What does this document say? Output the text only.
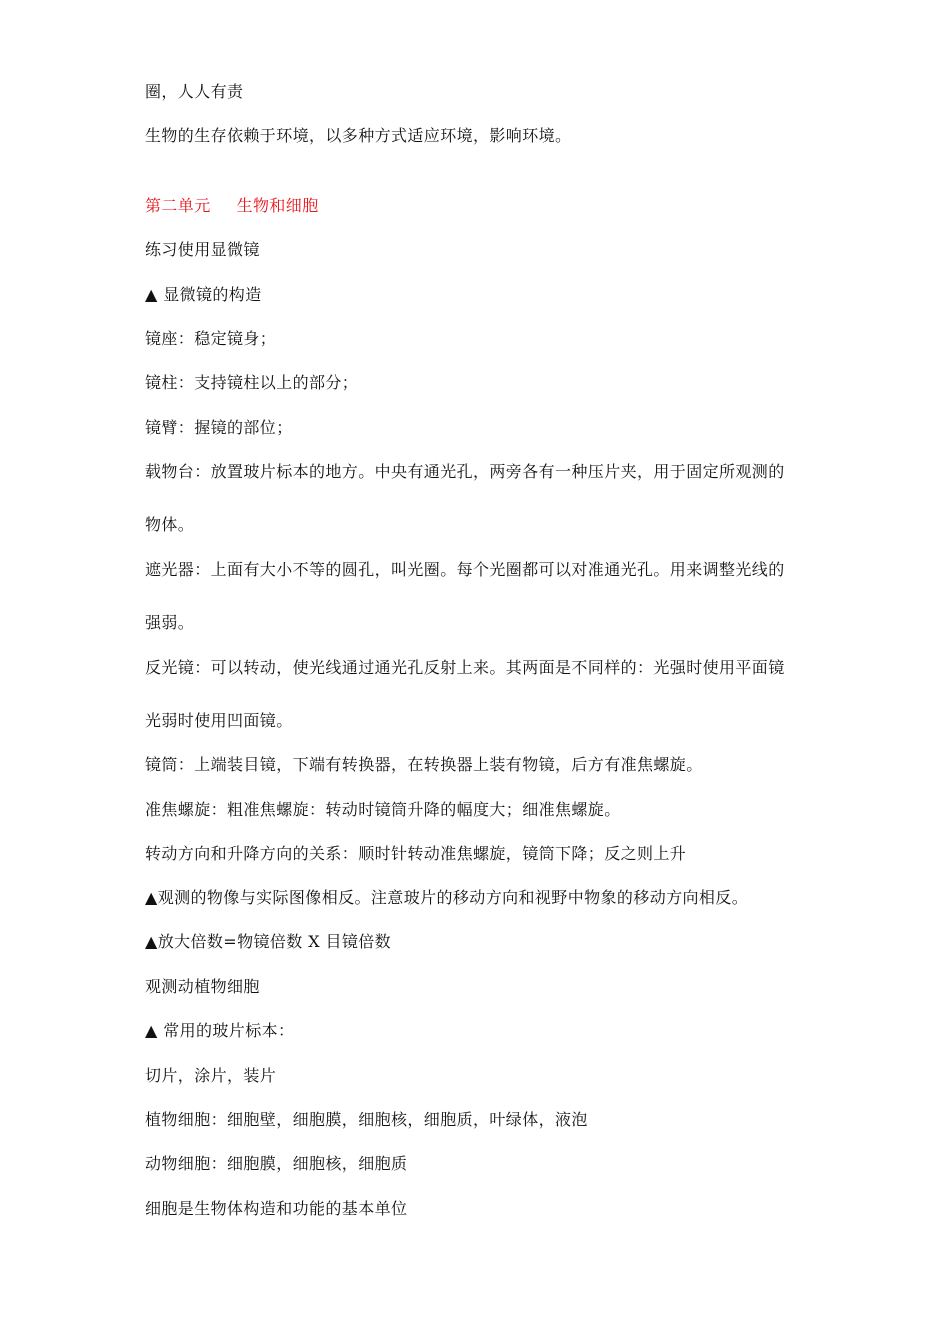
圈，人人有责
生物的生存依赖于环境，以多种方式适应环境，影响环境。
第二单元 生物和细胞
练习使用显微镜
▲ 显微镜的构造
镜座：稳定镜身；
镜柱：支持镜柱以上的部分；
镜臂：握镜的部位；
载物台：放置玻片标本的地方。中央有通光孔，两旁各有一种压片夹，用于固定所观测的
物体。
遮光器：上面有大小不等的圆孔，叫光圈。每个光圈都可以对准通光孔。用来调整光线的
强弱。
反光镜：可以转动，使光线通过通光孔反射上来。其两面是不同样的：光强时使用平面镜
光弱时使用凹面镜。
镜筒：上端装目镜，下端有转换器，在转换器上装有物镜，后方有准焦螺旋。
准焦螺旋：粗准焦螺旋：转动时镜筒升降的幅度大；细准焦螺旋。
转动方向和升降方向的关系：顺时针转动准焦螺旋，镜筒下降；反之则上升
▲观测的物像与实际图像相反。注意玻片的移动方向和视野中物象的移动方向相反。
▲放大倍数=物镜倍数 X 目镜倍数
观测动植物细胞
▲ 常用的玻片标本：
切片，涂片，装片
植物细胞：细胞壁，细胞膜，细胞核，细胞质，叶绿体，液泡
动物细胞：细胞膜，细胞核，细胞质
细胞是生物体构造和功能的基本单位
